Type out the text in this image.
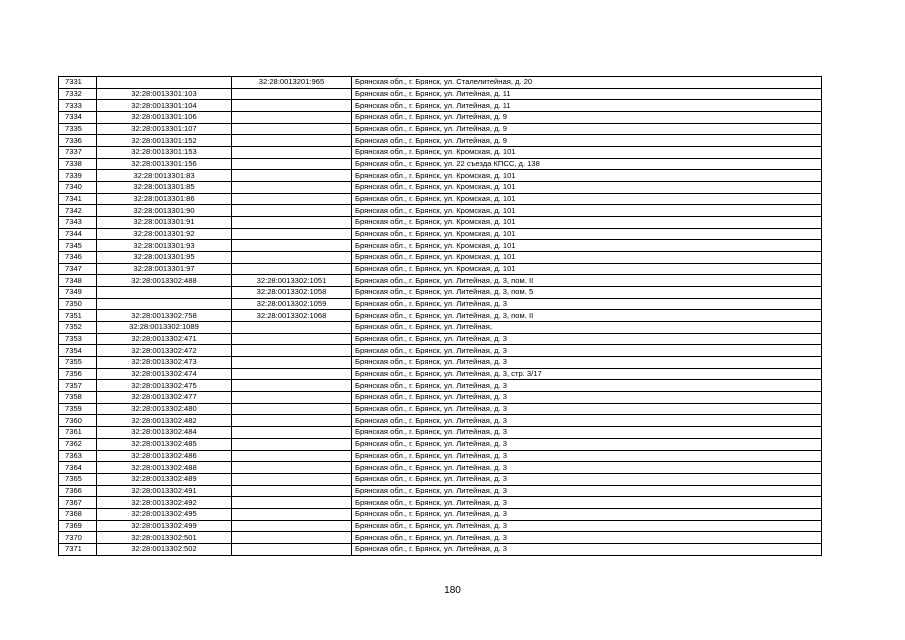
7331		32:28:0013201:965	Брянская обл., г. Брянск, ул. Сталелитейная, д. 20
7332	32:28:0013301:103		Брянская обл., г. Брянск, ул. Литейная, д. 11
7333	32:28:0013301:104		Брянская обл., г. Брянск, ул. Литейная, д. 11
7334	32:28:0013301:106		Брянская обл., г. Брянск, ул. Литейная, д. 9
7335	32:28:0013301:107		Брянская обл., г. Брянск, ул. Литейная, д. 9
7336	32:28:0013301:152		Брянская обл., г. Брянск, ул. Литейная, д. 9
7337	32:28:0013301:153		Брянская обл., г. Брянск, ул. Кромская, д. 101
7338	32:28:0013301:156		Брянская обл., г. Брянск, ул. 22 съезда КПСС, д. 138
7339	32:28:0013301:83		Брянская обл., г. Брянск, ул. Кромская, д. 101
7340	32:28:0013301:85		Брянская обл., г. Брянск, ул. Кромская, д. 101
7341	32:28:0013301:86		Брянская обл., г. Брянск, ул. Кромская, д. 101
7342	32:28:0013301:90		Брянская обл., г. Брянск, ул. Кромская, д. 101
7343	32:28:0013301:91		Брянская обл., г. Брянск, ул. Кромская, д. 101
7344	32:28:0013301:92		Брянская обл., г. Брянск, ул. Кромская, д. 101
7345	32:28:0013301:93		Брянская обл., г. Брянск, ул. Кромская, д. 101
7346	32:28:0013301:95		Брянская обл., г. Брянск, ул. Кромская, д. 101
7347	32:28:0013301:97		Брянская обл., г. Брянск, ул. Кромская, д. 101
7348	32:28:0013302:488	32:28:0013302:1051	Брянская обл., г. Брянск, ул. Литейная, д. 3, пом. II
7349		32:28:0013302:1058	Брянская обл., г. Брянск, ул. Литейная, д. 3, пом. 5
7350		32:28:0013302:1059	Брянская обл., г. Брянск, ул. Литейная, д. 3
7351	32:28:0013302:758	32:28:0013302:1068	Брянская обл., г. Брянск, ул. Литейная, д. 3, пом. II
7352	32:28:0013302:1089		Брянская обл., г. Брянск, ул. Литейная,
7353	32:28:0013302:471		Брянская обл., г. Брянск, ул. Литейная, д. 3
7354	32:28:0013302:472		Брянская обл., г. Брянск, ул. Литейная, д. 3
7355	32:28:0013302:473		Брянская обл., г. Брянск, ул. Литейная, д. 3
7356	32:28:0013302:474		Брянская обл., г. Брянск, ул. Литейная, д. 3, стр. 3/17
7357	32:28:0013302:475		Брянская обл., г. Брянск, ул. Литейная, д. 3
7358	32:28:0013302:477		Брянская обл., г. Брянск, ул. Литейная, д. 3
7359	32:28:0013302:480		Брянская обл., г. Брянск, ул. Литейная, д. 3
7360	32:28:0013302:482		Брянская обл., г. Брянск, ул. Литейная, д. 3
7361	32:28:0013302:484		Брянская обл., г. Брянск, ул. Литейная, д. 3
7362	32:28:0013302:485		Брянская обл., г. Брянск, ул. Литейная, д. 3
7363	32:28:0013302:486		Брянская обл., г. Брянск, ул. Литейная, д. 3
7364	32:28:0013302:488		Брянская обл., г. Брянск, ул. Литейная, д. 3
7365	32:28:0013302:489		Брянская обл., г. Брянск, ул. Литейная, д. 3
7366	32:28:0013302:491		Брянская обл., г. Брянск, ул. Литейная, д. 3
7367	32:28:0013302:492		Брянская обл., г. Брянск, ул. Литейная, д. 3
7368	32:28:0013302:495		Брянская обл., г. Брянск, ул. Литейная, д. 3
7369	32:28:0013302:499		Брянская обл., г. Брянск, ул. Литейная, д. 3
7370	32:28:0013302:501		Брянская обл., г. Брянск, ул. Литейная, д. 3
7371	32:28:0013302:502		Брянская обл., г. Брянск, ул. Литейная, д. 3
180
